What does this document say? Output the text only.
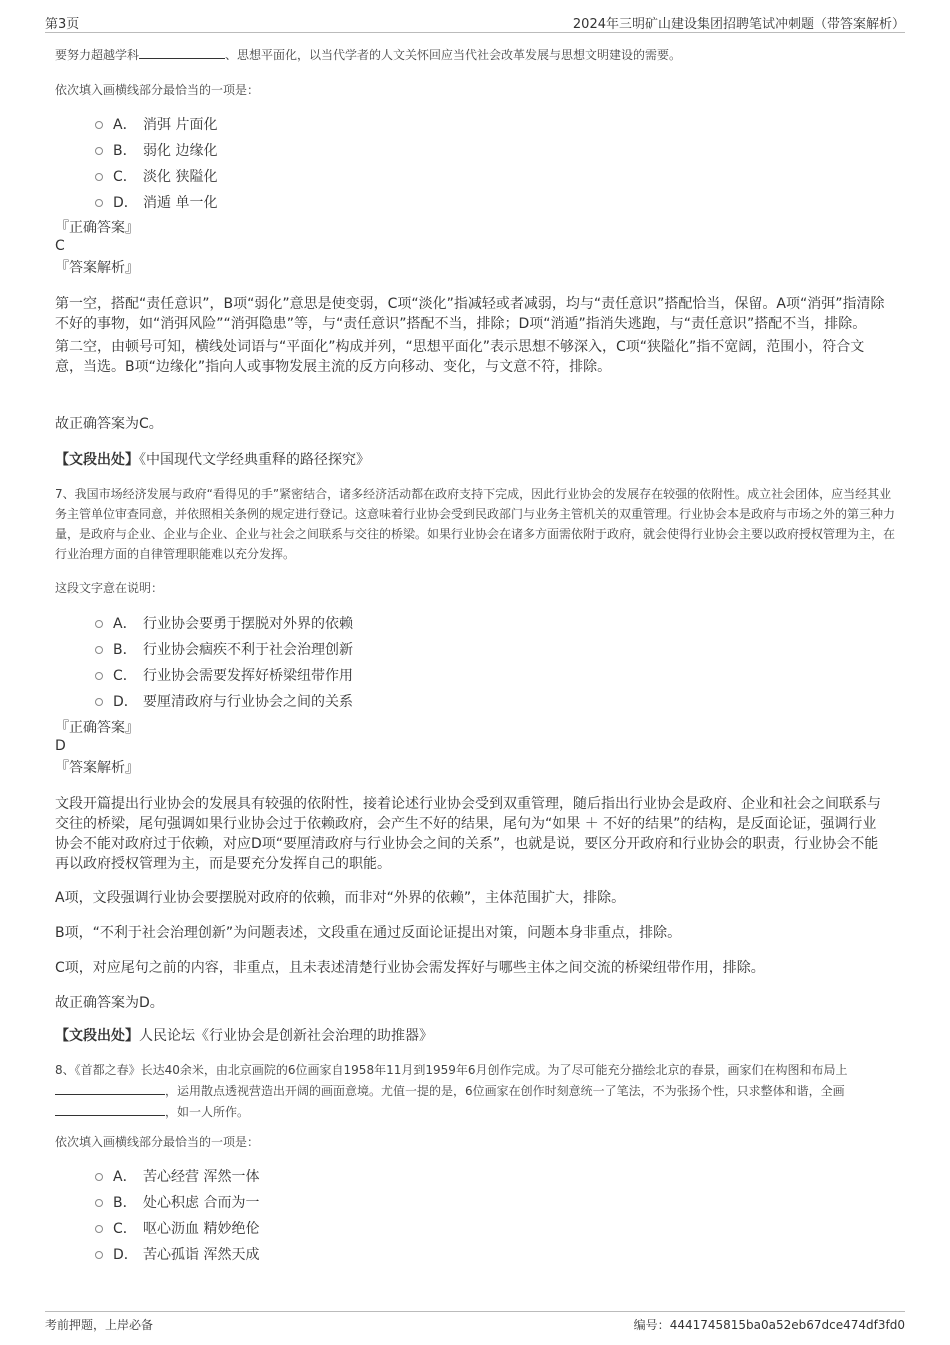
第3页	2024年三明矿山建设集团招聘笔试冲刺题（带答案解析）
要努力超越学科	、思想平面化，以当代学者的人文关怀回应当代社会改革发展与思想文明建设的需要。
依次填入画横线部分最恰当的一项是：
A． 消弭 片面化
B． 弱化 边缘化
C． 淡化 狭隘化
D． 消遁 单一化
『正确答案』
C
『答案解析』
第一空，搭配“责任意识”，B项“弱化”意思是使变弱，C项“淡化”指减轻或者减弱，均与“责任意识”搭配恰当，保留。A项“消弭”指清除不好的事物，如“消弭风险”“消弭隐患”等，与“责任意识”搭配不当，排除；D项“消遁”指消失逃跑，与“责任意识”搭配不当，排除。
第二空，由顿号可知，横线处词语与“平面化”构成并列，“思想平面化”表示思想不够深入，C项“狭隘化”指不宽阔，范围小，符合文意，当选。B项“边缘化”指向人或事物发展主流的反方向移动、变化，与文意不符，排除。
故正确答案为C。
【文段出处】《中国现代文学经典重释的路径探究》
7、我国市场经济发展与政府“看得见的手”紧密结合，诸多经济活动都在政府支持下完成，因此行业协会的发展存在较强的依附性。成立社会团体，应当经其业务主管单位审查同意，并依照相关条例的规定进行登记。这意味着行业协会受到民政部门与业务主管机关的双重管理。行业协会本是政府与市场之外的第三种力量，是政府与企业、企业与企业、企业与社会之间联系与交往的桥梁。如果行业协会在诸多方面需依附于政府，就会使得行业协会主要以政府授权管理为主，在行业治理方面的自律管理职能难以充分发挥。
这段文字意在说明：
A． 行业协会要勇于摆脱对外界的依赖
B． 行业协会痼疾不利于社会治理创新
C． 行业协会需要发挥好桥梁纽带作用
D． 要厘清政府与行业协会之间的关系
『正确答案』
D
『答案解析』
文段开篇提出行业协会的发展具有较强的依附性，接着论述行业协会受到双重管理，随后指出行业协会是政府、企业和社会之间联系与交往的桥梁，尾句强调如果行业协会过于依赖政府，会产生不好的结果，尾句为“如果 ＋ 不好的结果”的结构，是反面论证，强调行业协会不能对政府过于依赖，对应D项“要厘清政府与行业协会之间的关系”，也就是说，要区分开政府和行业协会的职责，行业协会不能再以政府授权管理为主，而是要充分发挥自己的职能。
A项，文段强调行业协会要摆脱对政府的依赖，而非对“外界的依赖”，主体范围扩大，排除。
B项，“不利于社会治理创新”为问题表述，文段重在通过反面论证提出对策，问题本身非重点，排除。
C项，对应尾句之前的内容，非重点，且未表述清楚行业协会需发挥好与哪些主体之间交流的桥梁纽带作用，排除。
故正确答案为D。
【文段出处】人民论坛《行业协会是创新社会治理的助推器》
8、《首都之春》长达40余米，由北京画院的6位画家自1958年11月到1959年6月创作完成。为了尽可能充分描绘北京的春景，画家们在构图和布局上，运用散点透视营造出开阔的画面意境。尤值一提的是，6位画家在创作时刻意统一了笔法，不为张扬个性，只求整体和谐，全画，如一人所作。
依次填入画横线部分最恰当的一项是：
A． 苦心经营 浑然一体
B． 处心积虑 合而为一
C． 呕心沥血 精妙绝伦
D． 苦心孤诣 浑然天成
考前押题，上岸必备	编号：4441745815ba0a52eb67dce474df3fd0
